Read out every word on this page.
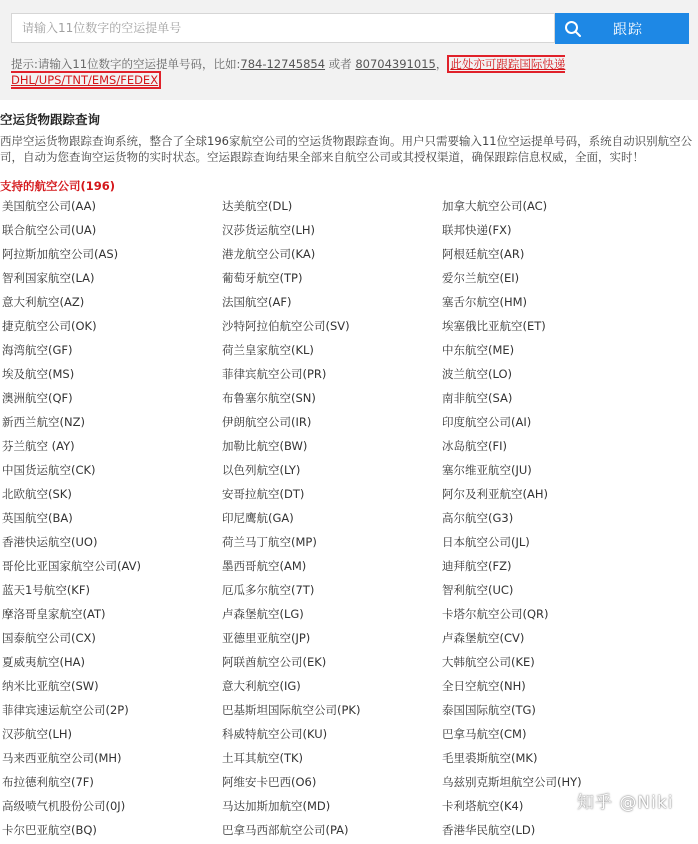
请输入11位数字的空运提单号
跟踪
提示:请输入11位数字的空运提单号码，比如:784-12745854 或者 80704391015， 此处亦可跟踪国际快递DHL/UPS/TNT/EMS/FEDEX
空运货物跟踪查询
西岸空运货物跟踪查询系统，整合了全球196家航空公司的空运货物跟踪查询。用户只需要输入11位空运提单号码，系统自动识别航空公司，自动为您查询空运货物的实时状态。空运跟踪查询结果全部来自航空公司或其授权渠道，确保跟踪信息权威，全面，实时！
支持的航空公司(196)
美国航空公司(AA)	达美航空(DL)	加拿大航空公司(AC)
联合航空公司(UA)	汉莎货运航空(LH)	联邦快递(FX)
阿拉斯加航空公司(AS)	港龙航空公司(KA)	阿根廷航空(AR)
智利国家航空(LA)	葡萄牙航空(TP)	爱尔兰航空(EI)
意大利航空(AZ)	法国航空(AF)	塞舌尔航空(HM)
捷克航空公司(OK)	沙特阿拉伯航空公司(SV)	埃塞俄比亚航空(ET)
海湾航空(GF)	荷兰皇家航空(KL)	中东航空(ME)
埃及航空(MS)	菲律宾航空公司(PR)	波兰航空(LO)
澳洲航空(QF)	布鲁塞尔航空(SN)	南非航空(SA)
新西兰航空(NZ)	伊朗航空公司(IR)	印度航空公司(AI)
芬兰航空 (AY)	加勒比航空(BW)	冰岛航空(FI)
中国货运航空(CK)	以色列航空(LY)	塞尔维亚航空(JU)
北欧航空(SK)	安哥拉航空(DT)	阿尔及利亚航空(AH)
英国航空(BA)	印尼鹰航(GA)	高尔航空(G3)
香港快运航空(UO)	荷兰马丁航空(MP)	日本航空公司(JL)
哥伦比亚国家航空公司(AV)	墨西哥航空(AM)	迪拜航空(FZ)
蓝天1号航空(KF)	厄瓜多尔航空(7T)	智利航空(UC)
摩洛哥皇家航空(AT)	卢森堡航空(LG)	卡塔尔航空公司(QR)
国泰航空公司(CX)	亚德里亚航空(JP)	卢森堡航空(CV)
夏威夷航空(HA)	阿联酋航空公司(EK)	大韩航空公司(KE)
纳米比亚航空(SW)	意大利航空(IG)	全日空航空(NH)
菲律宾速运航空公司(2P)	巴基斯坦国际航空公司(PK)	泰国国际航空(TG)
汉莎航空(LH)	科威特航空公司(KU)	巴拿马航空(CM)
马来西亚航空公司(MH)	土耳其航空(TK)	毛里裘斯航空(MK)
布拉德利航空(7F)	阿维安卡巴西(O6)	乌兹别克斯坦航空公司(HY)
高级喷气机股份公司(0J)	马达加斯加航空(MD)	卡利塔航空(K4)
卡尔巴亚航空(BQ)	巴拿马西部航空公司(PA)	香港华民航空(LD)
知乎 @Niki
